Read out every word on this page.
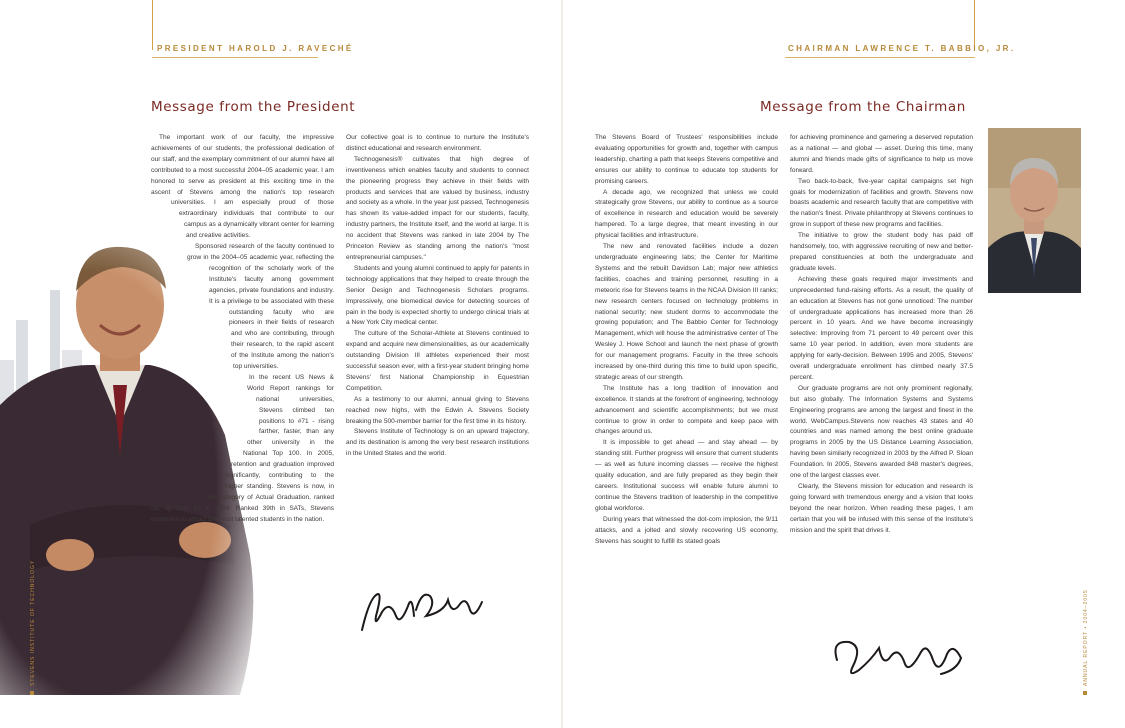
PRESIDENT HAROLD J. RAVECHÉ
Message from the President

The important work of our faculty, the impressive achievements of our students, the professional dedication of our staff, and the exemplary commitment of our alumni have all contributed to a most successful 2004–05 academic year. I am honored to serve as president at this exciting time in the ascent of Stevens among the nation's top research universities. I am especially proud of those extraordinary individuals that contribute to our campus as a dynamically vibrant center for learning and creative activities.

Sponsored research of the faculty continued to grow in the 2004–05 academic year, reflecting the recognition of the scholarly work of the Institute's faculty among government agencies, private foundations and industry. It is a privilege to be associated with these outstanding faculty who are pioneers in their fields of research and who are contributing, through their research, to the rapid ascent of the Institute among the nation's top universities.

In the recent US News & World Report rankings for national universities, Stevens climbed ten positions to #71 - rising farther, faster, than any other university in the National Top 100. In 2005, retention and graduation improved significantly, contributing to the higher standing. Stevens is now, in the category of Actual Graduation, ranked 58, up from 83 in 2004. Ranked 39th in SATs, Stevens continues to attract the most talented students in the nation.

Our collective goal is to continue to nurture the Institute's distinct educational and research environment.

Technogenesis® cultivates that high degree of inventiveness which enables faculty and students to connect the pioneering progress they achieve in their fields with products and services that are valued by business, industry and society as a whole. In the year just passed, Technogenesis has shown its value-added impact for our students, faculty, industry partners, the Institute itself, and the world at large. It is no accident that Stevens was ranked in late 2004 by The Princeton Review as standing among the nation's "most entrepreneurial campuses."

Students and young alumni continued to apply for patents in technology applications that they helped to create through the Senior Design and Technogenesis Scholars programs. Impressively, one biomedical device for detecting sources of pain in the body is expected shortly to undergo clinical trials at a New York City medical center.

The culture of the Scholar-Athlete at Stevens continued to expand and acquire new dimensionalities, as our academically outstanding Division III athletes experienced their most successful season ever, with a first-year student bringing home Stevens' first National Championship in Equestrian Competition.

As a testimony to our alumni, annual giving to Stevens reached new highs, with the Edwin A. Stevens Society breaking the 500-member barrier for the first time in its history.

Stevens Institute of Technology is on an upward trajectory, and its destination is among the very best research institutions in the United States and the world.

STEVENS INSTITUTE OF TECHNOLOGY
CHAIRMAN LAWRENCE T. BABBIO, JR.
Message from the Chairman

The Stevens Board of Trustees' responsibilities include evaluating opportunities for growth and, together with campus leadership, charting a path that keeps Stevens competitive and ensures our ability to continue to educate top students for promising careers.

A decade ago, we recognized that unless we could strategically grow Stevens, our ability to continue as a source of excellence in research and education would be severely hampered. To a large degree, that meant investing in our physical facilities and infrastructure.

The new and renovated facilities include a dozen undergraduate engineering labs; the Center for Maritime Systems and the rebuilt Davidson Lab; major new athletics facilities, coaches and training personnel, resulting in a meteoric rise for Stevens teams in the NCAA Division III ranks; new research centers focused on technology problems in national security; new student dorms to accommodate the growing population; and The Babbio Center for Technology Management, which will house the administrative center of The Wesley J. Howe School and launch the next phase of growth for our management programs. Faculty in the three schools increased by one-third during this time to build upon specific, strategic areas of our strength.

The Institute has a long tradition of innovation and excellence. It stands at the forefront of engineering, technology advancement and scientific accomplishments; but we must continue to grow in order to compete and keep pace with changes around us.

It is impossible to get ahead — and stay ahead — by standing still. Further progress will ensure that current students — as well as future incoming classes — receive the highest quality education, and are fully prepared as they begin their careers. Institutional success will enable future alumni to continue the Stevens tradition of leadership in the competitive global workforce.

During years that witnessed the dot-com implosion, the 9/11 attacks, and a jolted and slowly recovering US economy, Stevens has sought to fulfill its stated goals

for achieving prominence and garnering a deserved reputation as a national — and global — asset. During this time, many alumni and friends made gifts of significance to help us move forward.

Two back-to-back, five-year capital campaigns set high goals for modernization of facilities and growth. Stevens now boasts academic and research faculty that are competitive with the nation's finest. Private philanthropy at Stevens continues to grow in support of these new programs and facilities.

The initiative to grow the student body has paid off handsomely, too, with aggressive recruiting of new and better-prepared constituencies at both the undergraduate and graduate levels.

Achieving these goals required major investments and unprecedented fund-raising efforts. As a result, the quality of an education at Stevens has not gone unnoticed: The number of undergraduate applications has increased more than 26 percent in 10 years. And we have become increasingly selective: Improving from 71 percent to 49 percent over this same 10 year period. In addition, even more students are applying for early-decision. Between 1995 and 2005, Stevens' overall undergraduate enrollment has climbed nearly 37.5 percent.

Our graduate programs are not only prominent regionally, but also globally. The Information Systems and Systems Engineering programs are among the largest and finest in the world. WebCampus.Stevens now reaches 43 states and 40 countries and was named among the best online graduate programs in 2005 by the US Distance Learning Association, having been similarly recognized in 2003 by the Alfred P. Sloan Foundation. In 2005, Stevens awarded 848 master's degrees, one of the largest classes ever.

Clearly, the Stevens mission for education and research is going forward with tremendous energy and a vision that looks beyond the near horizon. When reading these pages, I am certain that you will be infused with this sense of the Institute's mission and the spirit that drives it.

ANNUAL REPORT • 2004–2005
